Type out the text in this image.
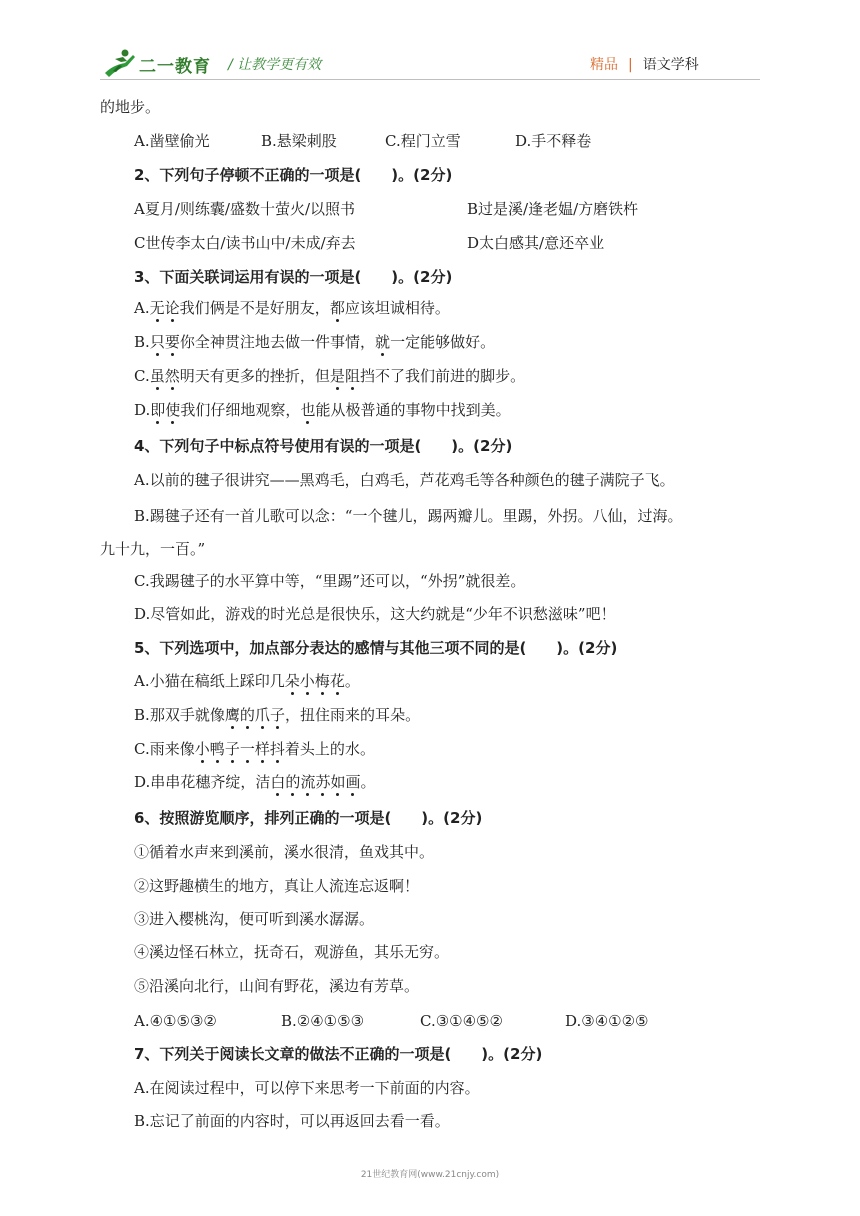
二一教育 / 让教学更有效	精品 | 语文学科
的地步。
A.凿壁偷光	B.悬梁刺股	C.程门立雪	D.手不释卷
2、下列句子停顿不正确的一项是(　　)。(2分)
A夏月/则练囊/盛数十萤火/以照书	B过是溪/逢老媪/方磨铁杵
C世传李太白/读书山中/未成/弃去	D太白感其/意还卒业
3、下面关联词运用有误的一项是(　　)。(2分)
A.无论我们俩是不是好朋友，都应该坦诚相待。
B.只要你全神贯注地去做一件事情，就一定能够做好。
C.虽然明天有更多的挫折，但是阻挡不了我们前进的脚步。
D.即使我们仔细地观察，也能从极普通的事物中找到美。
4、下列句子中标点符号使用有误的一项是(　　)。(2分)
A.以前的毽子很讲究——黑鸡毛，白鸡毛，芦花鸡毛等各种颜色的毽子满院子飞。
B.踢毽子还有一首儿歌可以念：“一个毽儿，踢两瓣儿。里踢，外拐。八仙，过海。
九十九，一百。”
C.我踢毽子的水平算中等，“里踢”还可以，“外拐”就很差。
D.尽管如此，游戏的时光总是很快乐，这大约就是“少年不识愁滋味”吧！
5、下列选项中，加点部分表达的感情与其他三项不同的是(　　)。(2分)
A.小猫在稿纸上踩印几朵小梅花。
B.那双手就像鹰的爪子，扭住雨来的耳朵。
C.雨来像小鸭子一样抖着头上的水。
D.串串花穗齐绽，洁白的流苏如画。
6、按照游览顺序，排列正确的一项是(　　)。(2分)
①循着水声来到溪前，溪水很清，鱼戏其中。
②这野趣横生的地方，真让人流连忘返啊！
③进入樱桃沟，便可听到溪水潺潺。
④溪边怪石林立，抚奇石，观游鱼，其乐无穷。
⑤沿溪向北行，山间有野花，溪边有芳草。
A.④①⑤③②	B.②④①⑤③	C.③①④⑤②	D.③④①②⑤
7、下列关于阅读长文章的做法不正确的一项是(　　)。(2分)
A.在阅读过程中，可以停下来思考一下前面的内容。
B.忘记了前面的内容时，可以再返回去看一看。
21世纪教育网(www.21cnjy.com)
